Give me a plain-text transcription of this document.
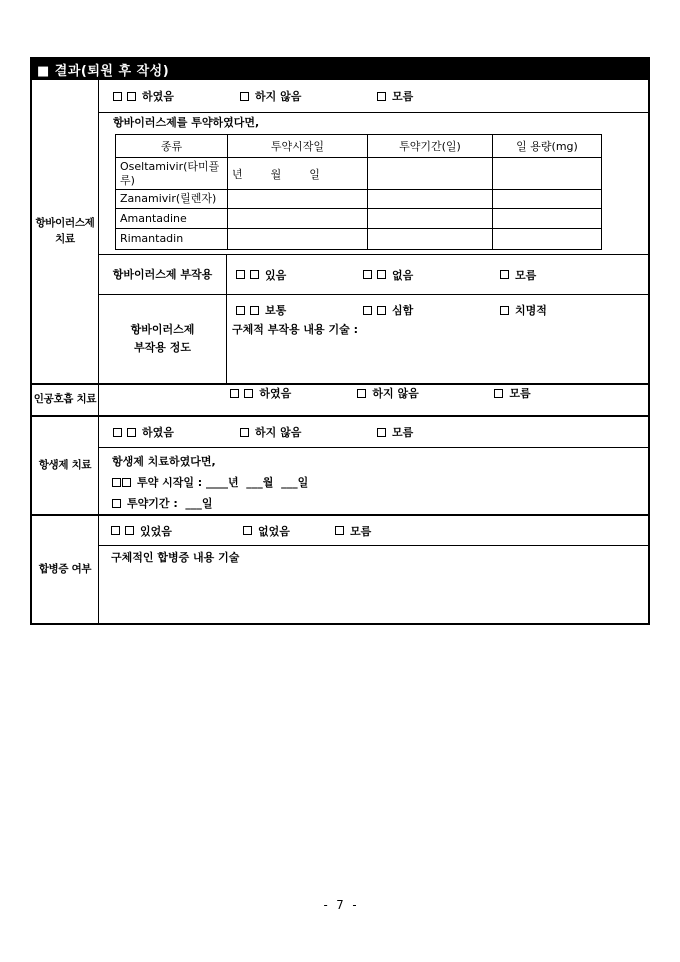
■ 결과(퇴원 후 작성)
항바이러스제
치료
하였음	하지 않음	모름
항바이러스제를 투약하였다면,
종류	투약시작일	투약기간(일)	일 용량(mg)
Oseltamivir(타미플루)	년        월        일		
Zanamivir(릴렌자)			
Amantadine			
Rimantadin			
항바이러스제 부작용	있음	없음	모름
항바이러스제
부작용 정도
보통	심함	치명적
구체적 부작용 내용 기술 :
인공호흡 치료	하였음	하지 않음	모름
항생제 치료
하였음	하지 않음	모름
항생제 치료하였다면,
투약 시작일 : ____년  ___월  ___일
투약기간 :  ___일
합병증 여부
있었음	없었음	모름
구체적인 합병증 내용 기술
- 7 -
